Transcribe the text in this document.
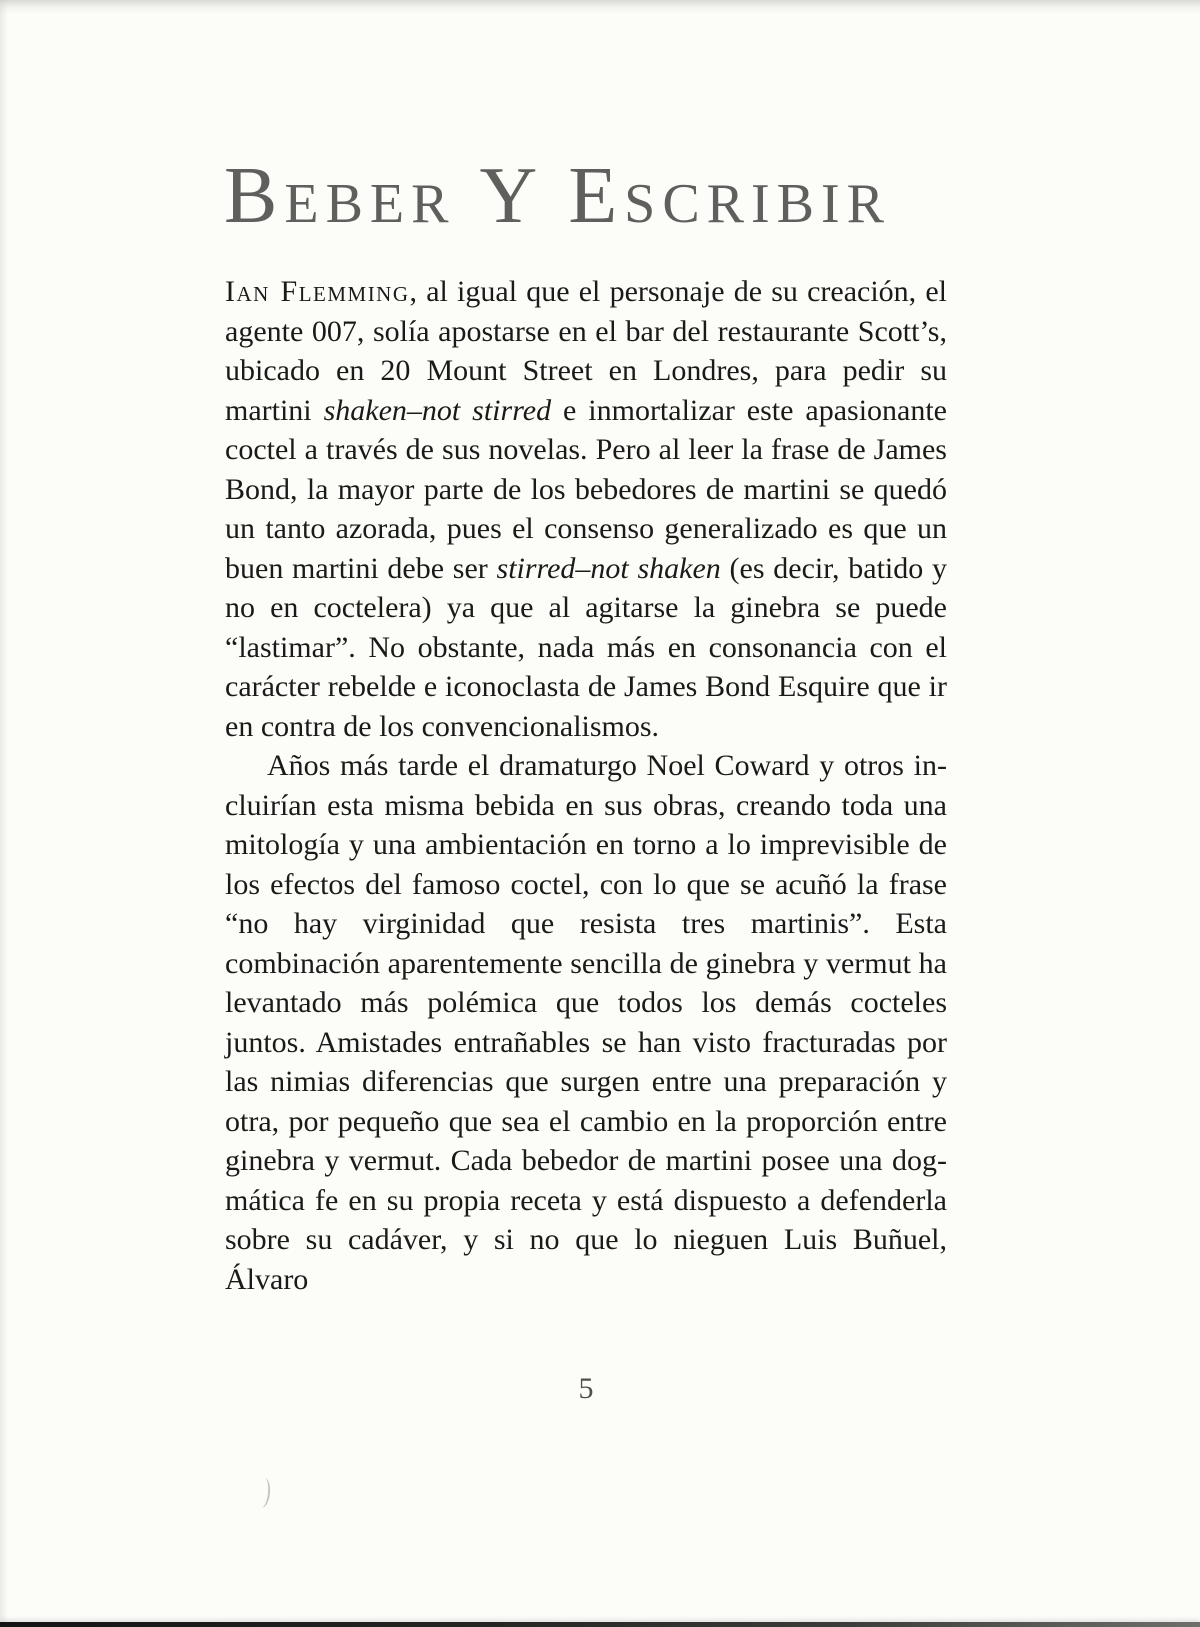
Beber Y Escribir

Ian Flemming, al igual que el personaje de su creación, el agente 007, solía apostarse en el bar del restaurante Scott’s, ubicado en 20 Mount Street en Londres, para pedir su martini shaken–not stirred e inmortalizar este apasionante coctel a través de sus novelas. Pero al leer la frase de James Bond, la mayor parte de los bebedores de martini se quedó un tanto azorada, pues el consenso generalizado es que un buen martini debe ser stirred–not shaken (es decir, batido y no en coctelera) ya que al agitarse la ginebra se puede “lastimar”. No obstante, nada más en consonancia con el carácter rebelde e iconoclasta de James Bond Esquire que ir en contra de los convencionalismos.

Años más tarde el dramaturgo Noel Coward y otros incluirían esta misma bebida en sus obras, creando toda una mitología y una ambientación en torno a lo imprevisible de los efectos del famoso coctel, con lo que se acuñó la frase “no hay virginidad que resista tres martinis”. Esta combinación aparentemente sencilla de ginebra y vermut ha levantado más polémica que todos los demás cocteles juntos. Amistades entrañables se han visto fracturadas por las nimias diferencias que surgen entre una preparación y otra, por pequeño que sea el cambio en la proporción entre ginebra y vermut. Cada bebedor de martini posee una dogmática fe en su propia receta y está dispuesto a defenderla sobre su cadáver, y si no que lo nieguen Luis Buñuel, Álvaro

5
